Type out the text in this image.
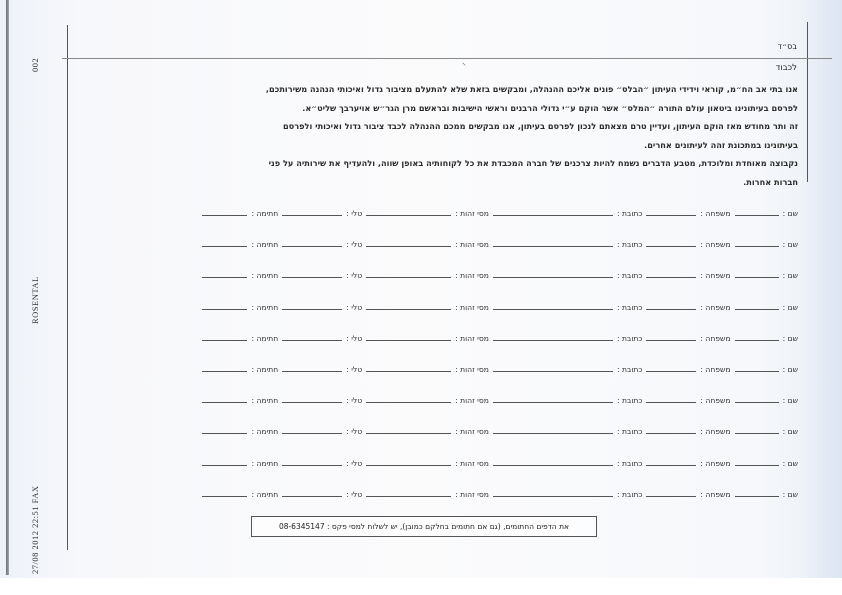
⸜
002
ROSENTAL
27/08 2012 22:51 FAX
בס״ד
לכבוד

אנו בתי אב הח״מ, קוראי וידידי העיתון ״הבלס״ פונים אליכם ההנהלה, ומבקשים בזאת שלא להתעלם מציבור גדול ואיכותי הנהנה משירותכם,

לפרסם בעיתונינו ביטאון עולם התורה ״המלס״ אשר הוקם ע״י גדולי הרבנים וראשי הישיבות ובראשם מרן הגר״ש אויערבך שליט״א.

זה ותר מחודש מאז הוקם העיתון, ועדיין טרם מצאתם לנכון לפרסם בעיתון, אנו מבקשים ממכם ההנהלה לכבד ציבור גדול ואיכותי ולפרסם

בעיתונינו במתכונת זהה לעיתונים אחרים.

נקבוצה מאוחדת ומלוכדת, מטבע הדברים נשמח להיות צרכנים של חברה המכבדת את כל לקוחותיה באופן שווה, ולהעדיף את שירותיה על פני

חברות אחרות.

שם :
משפחה :
כתובת :
מסי זהות :
טלי :
חתימה :
שם :
משפחה :
כתובת :
מסי זהות :
טלי :
חתימה :
שם :
משפחה :
כתובת :
מסי זהות :
טלי :
חתימה :
שם :
משפחה :
כתובת :
מסי זהות :
טלי :
חתימה :
שם :
משפחה :
כתובת :
מסי זהות :
טלי :
חתימה :
שם :
משפחה :
כתובת :
מסי זהות :
טלי :
חתימה :
שם :
משפחה :
כתובת :
מסי זהות :
טלי :
חתימה :
שם :
משפחה :
כתובת :
מסי זהות :
טלי :
חתימה :
שם :
משפחה :
כתובת :
מסי זהות :
טלי :
חתימה :
שם :
משפחה :
כתובת :
מסי זהות :
טלי :
חתימה :
את הדפים החתומים, (גם אם חתומים בחלקם כמובן), יש לשלוח למסי פקס : 08-6345147
